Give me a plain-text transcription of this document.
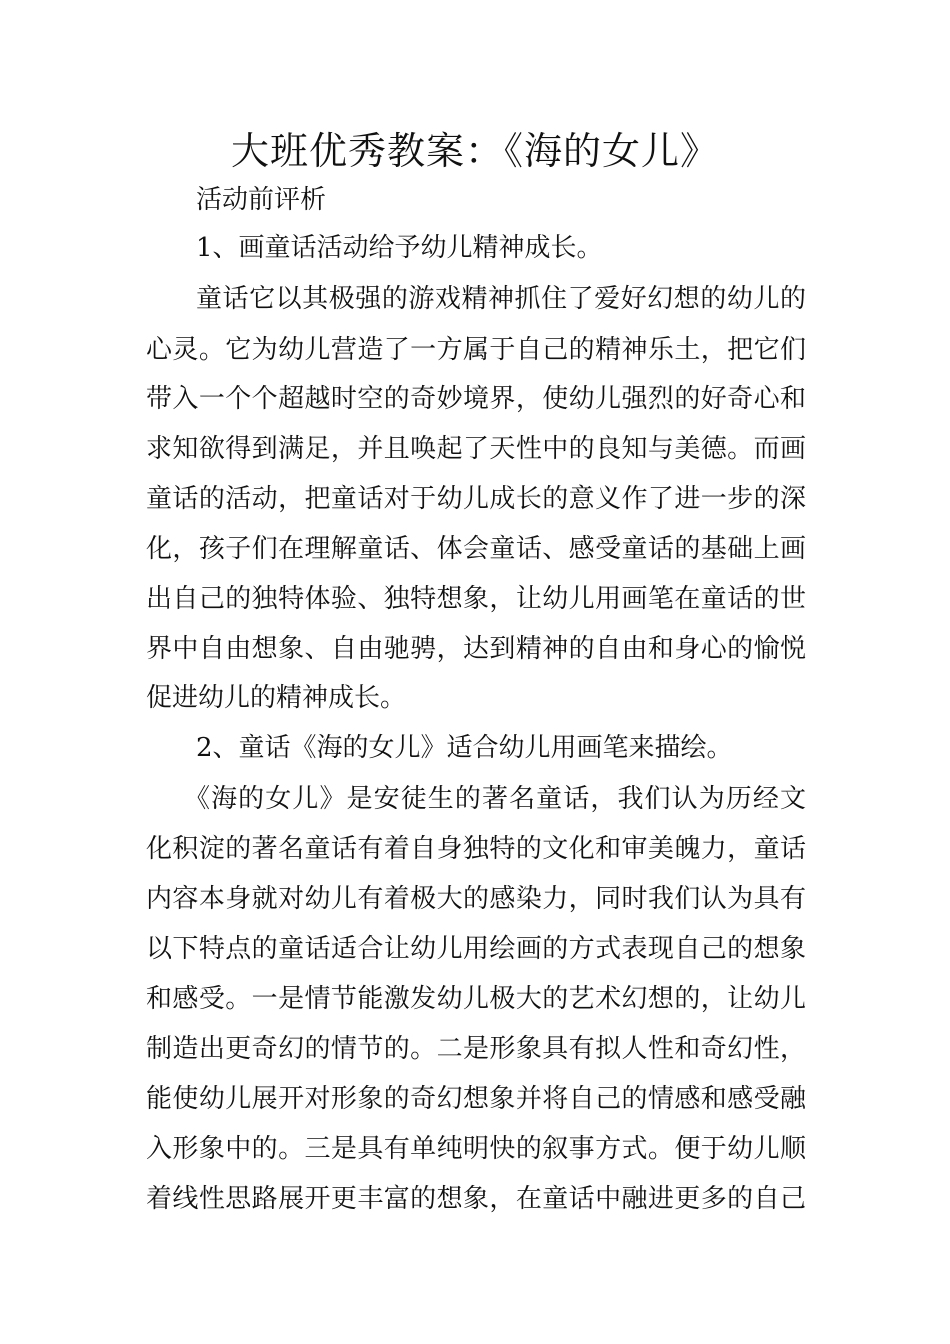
大班优秀教案：《海的女儿》

活动前评析

1、画童话活动给予幼儿精神成长。

童话它以其极强的游戏精神抓住了爱好幻想的幼儿的

心灵。它为幼儿营造了一方属于自己的精神乐土，把它们

带入一个个超越时空的奇妙境界，使幼儿强烈的好奇心和

求知欲得到满足，并且唤起了天性中的良知与美德。而画

童话的活动，把童话对于幼儿成长的意义作了进一步的深

化，孩子们在理解童话、体会童话、感受童话的基础上画

出自己的独特体验、独特想象，让幼儿用画笔在童话的世

界中自由想象、自由驰骋，达到精神的自由和身心的愉悦

促进幼儿的精神成长。

2、童话《海的女儿》适合幼儿用画笔来描绘。

《海的女儿》是安徒生的著名童话，我们认为历经文

化积淀的著名童话有着自身独特的文化和审美魄力，童话

内容本身就对幼儿有着极大的感染力，同时我们认为具有

以下特点的童话适合让幼儿用绘画的方式表现自己的想象

和感受。一是情节能激发幼儿极大的艺术幻想的，让幼儿

制造出更奇幻的情节的。二是形象具有拟人性和奇幻性，

能使幼儿展开对形象的奇幻想象并将自己的情感和感受融

入形象中的。三是具有单纯明快的叙事方式。便于幼儿顺

着线性思路展开更丰富的想象，在童话中融进更多的自己
